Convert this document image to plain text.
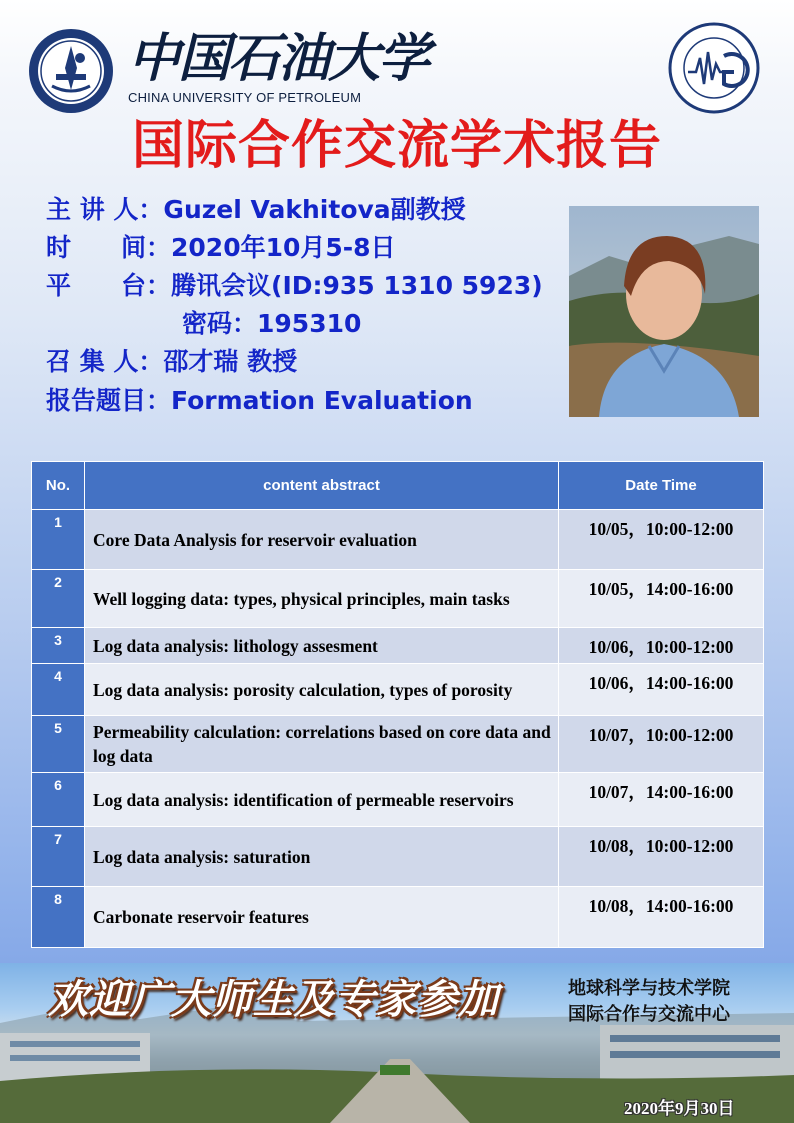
中国石油大学
CHINA UNIVERSITY OF PETROLEUM
国际合作交流学术报告
主 讲 人：Guzel Vakhitova副教授
时　　间：2020年10月5-8日
平　　台：腾讯会议(ID:935 1310 5923)
密码：195310
召 集 人：邵才瑞 教授
报告题目：Formation Evaluation
No.	content abstract	Date Time
1	Core Data Analysis for reservoir evaluation	10/05，10:00-12:00
2	Well logging data: types, physical principles, main tasks	10/05，14:00-16:00
3	Log data analysis: lithology assesment	10/06，10:00-12:00
4	Log data analysis: porosity calculation, types of porosity	10/06，14:00-16:00
5	Permeability calculation: correlations based on core data and log data	10/07，10:00-12:00
6	Log data analysis: identification of permeable reservoirs	10/07，14:00-16:00
7	Log data analysis: saturation	10/08，10:00-12:00
8	Carbonate reservoir features	10/08，14:00-16:00
欢迎广大师生及专家参加	地球科学与技术学院
国际合作与交流中心
2020年9月30日
